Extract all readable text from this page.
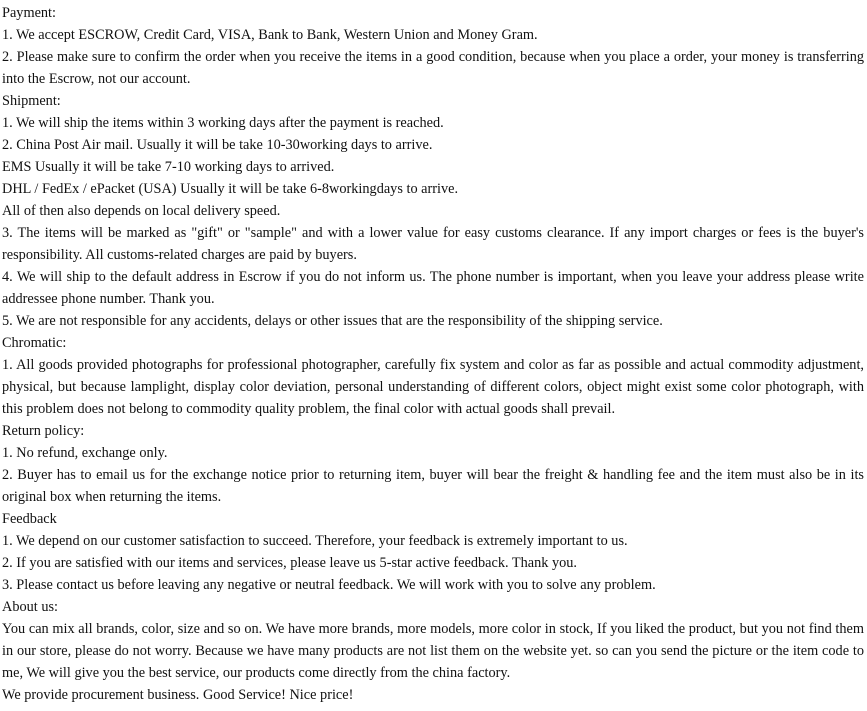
Payment:
1. We accept ESCROW, Credit Card, VISA, Bank to Bank, Western Union and Money Gram.
2. Please make sure to confirm the order when you receive the items in a good condition, because when you place a order, your money is transferring into the Escrow, not our account.
Shipment:
1. We will ship the items within 3 working days after the payment is reached.
2. China Post Air mail. Usually it will be take 10-30working days to arrive.
EMS Usually it will be take 7-10 working days to arrived.
DHL / FedEx / ePacket (USA) Usually it will be take 6-8workingdays to arrive.
All of then also depends on local delivery speed.
3. The items will be marked as "gift" or "sample" and with a lower value for easy customs clearance. If any import charges or fees is the buyer's responsibility. All customs-related charges are paid by buyers.
4. We will ship to the default address in Escrow if you do not inform us. The phone number is important, when you leave your address please write addressee phone number. Thank you.
5. We are not responsible for any accidents, delays or other issues that are the responsibility of the shipping service.
Chromatic:
1. All goods provided photographs for professional photographer, carefully fix system and color as far as possible and actual commodity adjustment, physical, but because lamplight, display color deviation, personal understanding of different colors, object might exist some color photograph, with this problem does not belong to commodity quality problem, the final color with actual goods shall prevail.
Return policy:
1. No refund, exchange only.
2. Buyer has to email us for the exchange notice prior to returning item, buyer will bear the freight & handling fee and the item must also be in its original box when returning the items.
Feedback
1. We depend on our customer satisfaction to succeed. Therefore, your feedback is extremely important to us.
2. If you are satisfied with our items and services, please leave us 5-star active feedback. Thank you.
3. Please contact us before leaving any negative or neutral feedback. We will work with you to solve any problem.
About us:
You can mix all brands, color, size and so on. We have more brands, more models, more color in stock, If you liked the product, but you not find them in our store, please do not worry. Because we have many products are not list them on the website yet. so can you send the picture or the item code to me, We will give you the best service, our products come directly from the china factory.
We provide procurement business. Good Service! Nice price!
